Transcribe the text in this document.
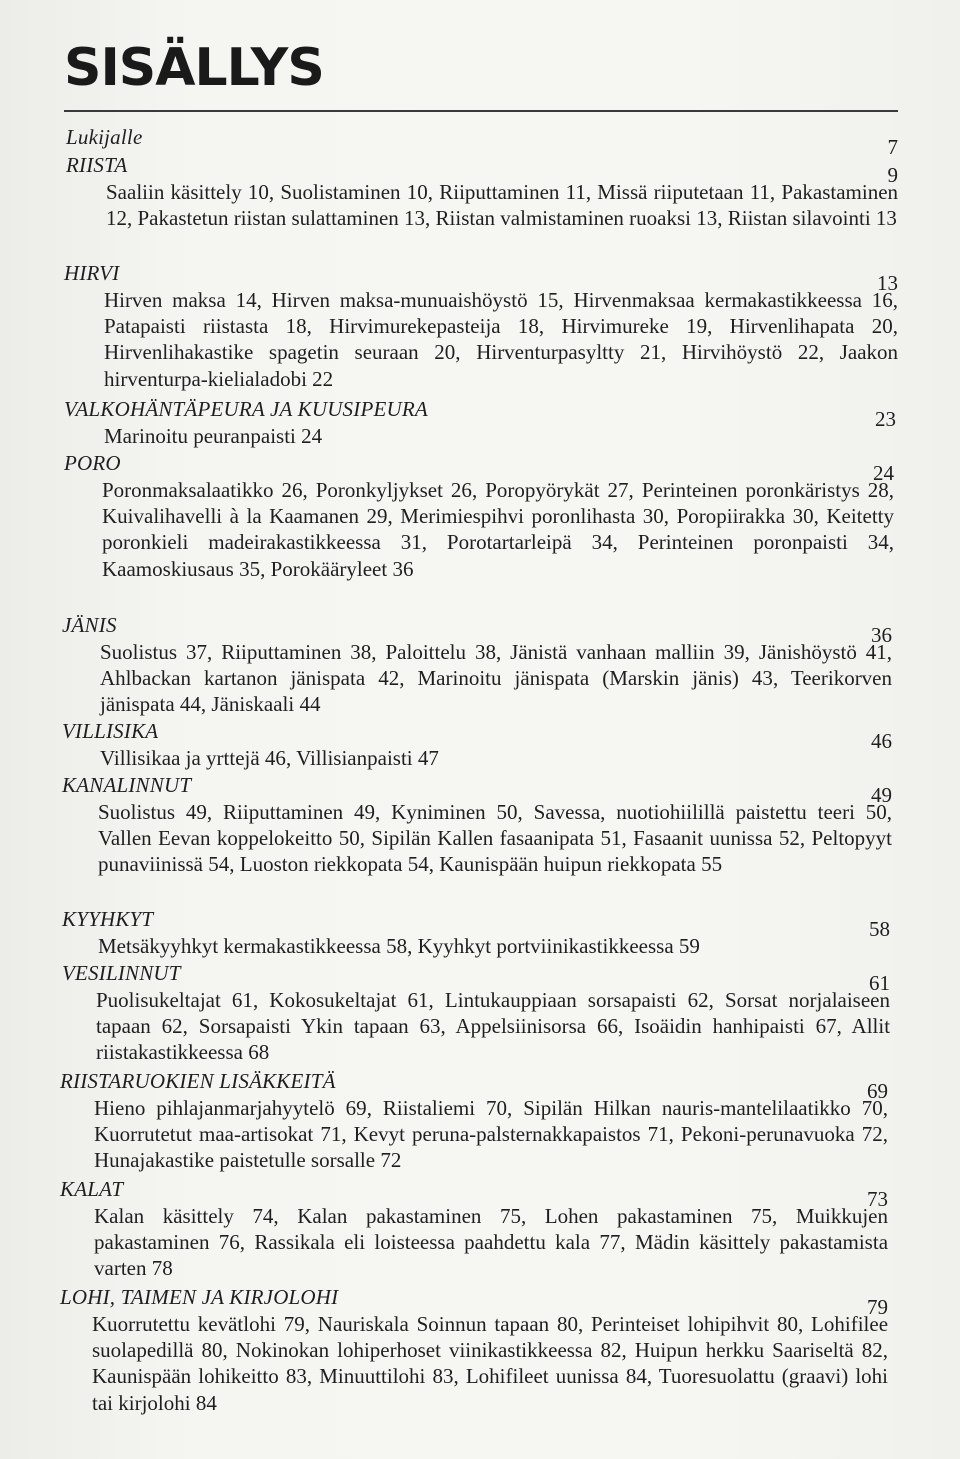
SISÄLLYS
Lukijalle	7
RIISTA	9

Saaliin käsittely 10, Suolistaminen 10, Riiputtaminen 11, Missä riiputetaan 11, Pakastaminen 12, Pakastetun riistan sulattaminen 13, Riistan valmistaminen ruoaksi 13, Riistan silavointi 13

HIRVI	13

Hirven maksa 14, Hirven maksa-munuaishöystö 15, Hirvenmaksaa kermakastikkeessa 16, Patapaisti riistasta 18, Hirvimurekepasteija 18, Hirvimureke 19, Hirvenlihapata 20, Hirvenlihakastike spagetin seuraan 20, Hirventurpasyltty 21, Hirvihöystö 22, Jaakon hirventurpa-kielialadobi 22

VALKOHÄNTÄPEURA JA KUUSIPEURA	23

Marinoitu peuranpaisti 24

PORO	24

Poronmaksalaatikko 26, Poronkyljykset 26, Poropyörykät 27, Perinteinen poronkäristys 28, Kuivalihavelli à la Kaamanen 29, Merimiespihvi poronlihasta 30, Poropiirakka 30, Keitetty poronkieli madeirakastikkeessa 31, Porotartarleipä 34, Perinteinen poronpaisti 34, Kaamoskiusaus 35, Porokääryleet 36

JÄNIS	36

Suolistus 37, Riiputtaminen 38, Paloittelu 38, Jänistä vanhaan malliin 39, Jänishöystö 41, Ahlbackan kartanon jänispata 42, Marinoitu jänispata (Marskin jänis) 43, Teerikorven jänispata 44, Jäniskaali 44

VILLISIKA	46

Villisikaa ja yrttejä 46, Villisianpaisti 47

KANALINNUT	49

Suolistus 49, Riiputtaminen 49, Kyniminen 50, Savessa, nuotiohiilillä paistettu teeri 50, Vallen Eevan koppelokeitto 50, Sipilän Kallen fasaanipata 51, Fasaanit uunissa 52, Peltopyyt punaviinissä 54, Luoston riekkopata 54, Kaunispään huipun riekkopata 55

KYYHKYT	58

Metsäkyyhkyt kermakastikkeessa 58, Kyyhkyt portviinikastikkeessa 59

VESILINNUT	61

Puolisukeltajat 61, Kokosukeltajat 61, Lintukauppiaan sorsapaisti 62, Sorsat norjalaiseen tapaan 62, Sorsapaisti Ykin tapaan 63, Appelsiinisorsa 66, Isoäidin hanhipaisti 67, Allit riistakastikkeessa 68

RIISTARUOKIEN LISÄKKEITÄ	69

Hieno pihlajanmarjahyytelö 69, Riistaliemi 70, Sipilän Hilkan nauris-mantelilaatikko 70, Kuorrutetut maa-artisokat 71, Kevyt peruna-palsternakkapaistos 71, Pekoni-perunavuoka 72, Hunajakastike paistetulle sorsalle 72

KALAT	73

Kalan käsittely 74, Kalan pakastaminen 75, Lohen pakastaminen 75, Muikkujen pakastaminen 76, Rassikala eli loisteessa paahdettu kala 77, Mädin käsittely pakastamista varten 78

LOHI, TAIMEN JA KIRJOLOHI	79

Kuorrutettu kevätlohi 79, Nauriskala Soinnun tapaan 80, Perinteiset lohipihvit 80, Lohifilee suolapedillä 80, Nokinokan lohiperhoset viinikastikkeessa 82, Huipun herkku Saariseltä 82, Kaunispään lohikeitto 83, Minuuttilohi 83, Lohifileet uunissa 84, Tuoresuolattu (graavi) lohi tai kirjolohi 84
